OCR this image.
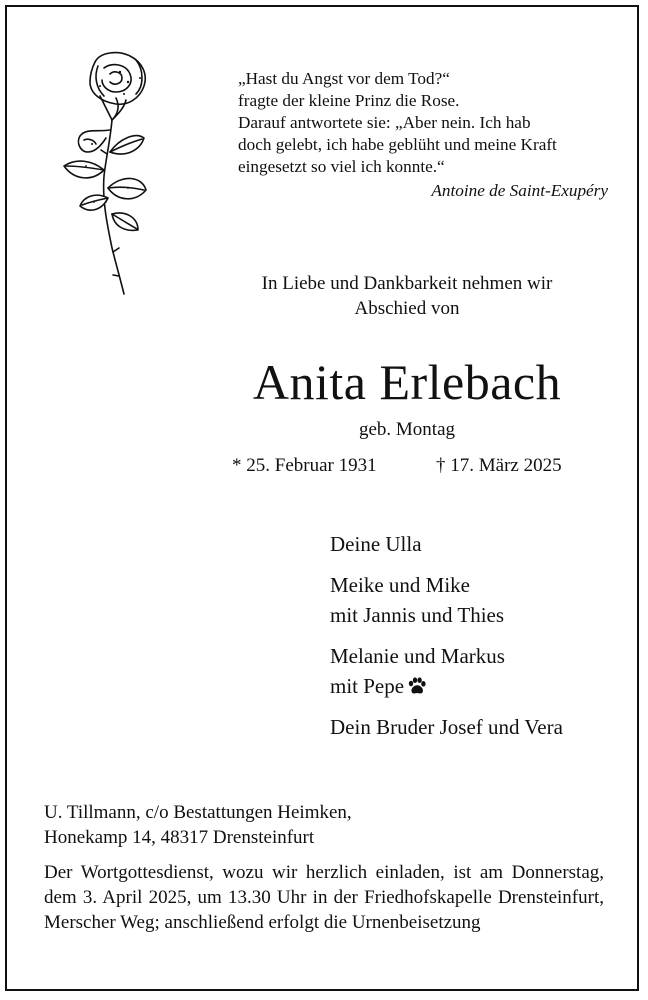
„Hast du Angst vor dem Tod?“
fragte der kleine Prinz die Rose.
Darauf antwortete sie: „Aber nein. Ich hab
doch gelebt, ich habe geblüht und meine Kraft
eingesetzt so viel ich konnte.“
Antoine de Saint-Exupéry
In Liebe und Dankbarkeit nehmen wir
Abschied von
Anita Erlebach
geb. Montag
* 25. Februar 1931	† 17. März 2025
Deine Ulla
Meike und Mike
mit Jannis und Thies
Melanie und Markus
mit Pepe
Dein Bruder Josef und Vera
U. Tillmann, c/o Bestattungen Heimken,
Honekamp 14, 48317 Drensteinfurt
Der Wortgottesdienst, wozu wir herzlich einladen, ist am Donnerstag, dem 3. April 2025, um 13.30 Uhr in der Friedhofskapelle Drensteinfurt, Merscher Weg; anschließend erfolgt die Urnenbeisetzung
